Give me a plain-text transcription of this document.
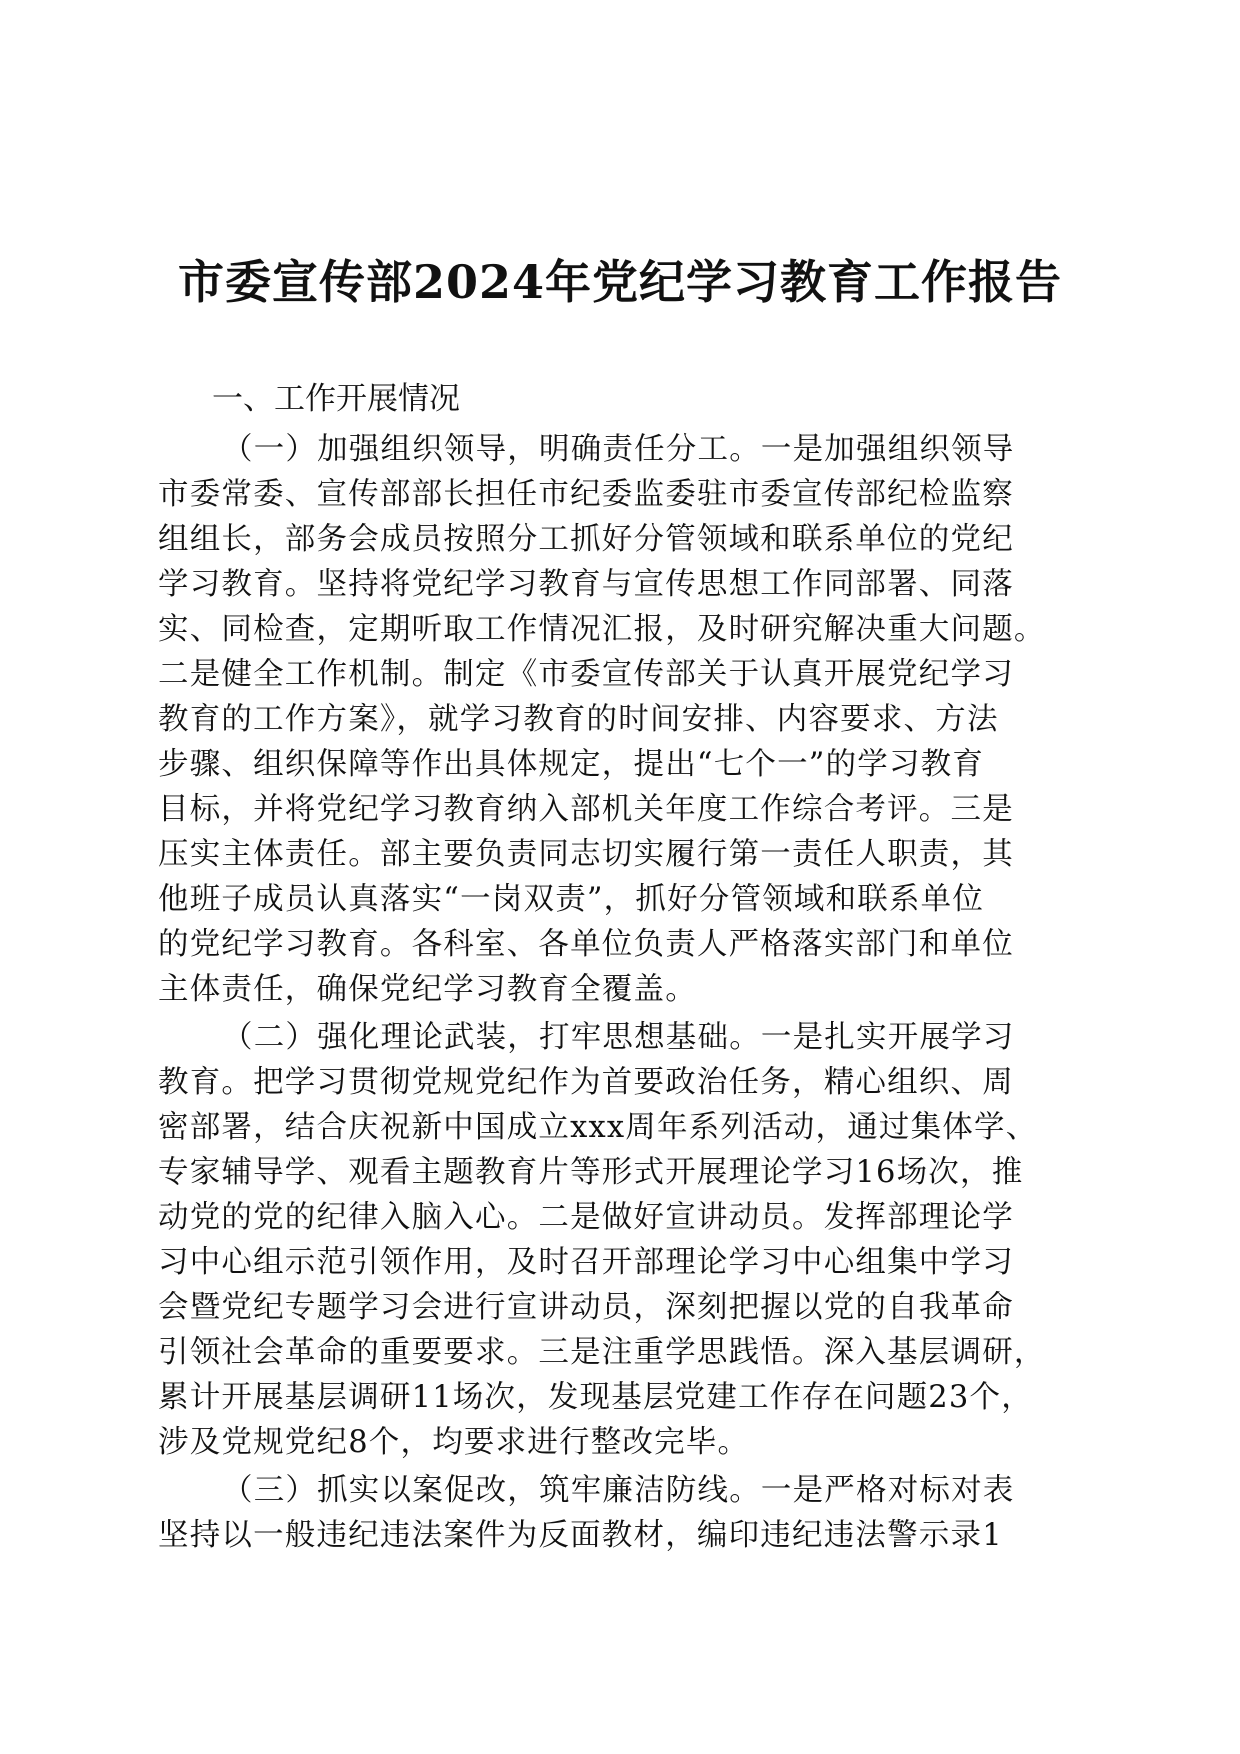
市委宣传部2024年党纪学习教育工作报告
一、工作开展情况
（一）加强组织领导，明确责任分工。一是加强组织领导
市委常委、宣传部部长担任市纪委监委驻市委宣传部纪检监察
组组长，部务会成员按照分工抓好分管领域和联系单位的党纪
学习教育。坚持将党纪学习教育与宣传思想工作同部署、同落
实、同检查，定期听取工作情况汇报，及时研究解决重大问题。
二是健全工作机制。制定《市委宣传部关于认真开展党纪学习
教育的工作方案》，就学习教育的时间安排、内容要求、方法
步骤、组织保障等作出具体规定，提出“七个一”的学习教育
目标，并将党纪学习教育纳入部机关年度工作综合考评。三是
压实主体责任。部主要负责同志切实履行第一责任人职责，其
他班子成员认真落实“一岗双责”，抓好分管领域和联系单位
的党纪学习教育。各科室、各单位负责人严格落实部门和单位
主体责任，确保党纪学习教育全覆盖。
（二）强化理论武装，打牢思想基础。一是扎实开展学习
教育。把学习贯彻党规党纪作为首要政治任务，精心组织、周
密部署，结合庆祝新中国成立xxx周年系列活动，通过集体学、
专家辅导学、观看主题教育片等形式开展理论学习16场次，推
动党的党的纪律入脑入心。二是做好宣讲动员。发挥部理论学
习中心组示范引领作用，及时召开部理论学习中心组集中学习
会暨党纪专题学习会进行宣讲动员，深刻把握以党的自我革命
引领社会革命的重要要求。三是注重学思践悟。深入基层调研，
累计开展基层调研11场次，发现基层党建工作存在问题23个，
涉及党规党纪8个，均要求进行整改完毕。
（三）抓实以案促改，筑牢廉洁防线。一是严格对标对表
坚持以一般违纪违法案件为反面教材，编印违纪违法警示录1
